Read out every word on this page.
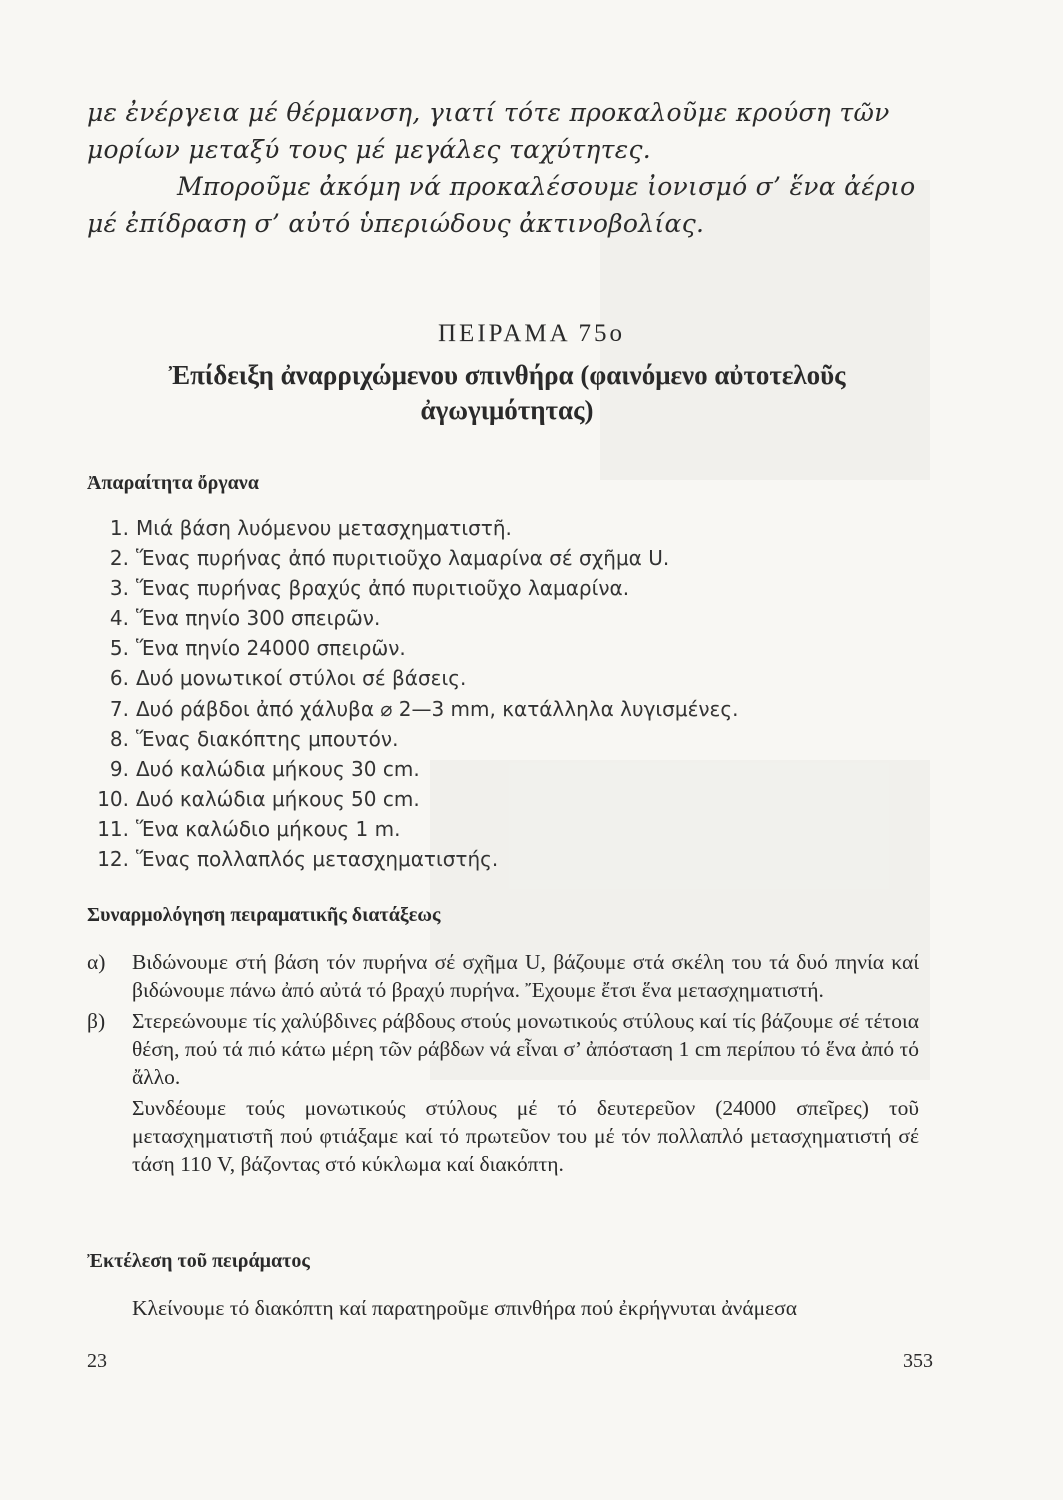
με ἐνέργεια μέ θέρμανση, γιατί τότε προκαλοῦμε κρούση τῶν μορίων μεταξύ τους μέ μεγάλες ταχύτητες.

Μποροῦμε ἀκόμη νά προκαλέσουμε ἰονισμό σ’ ἕνα ἀέριο μέ ἐπίδραση σ’ αὐτό ὑπεριώδους ἀκτινοβολίας.

ΠΕΙΡΑΜΑ 75ο
Ἐπίδειξη ἀναρριχώμενου σπινθήρα (φαινόμενο αὐτοτελοῦς ἀγωγιμότητας)
Ἀπαραίτητα ὄργανα
1. Μιά βάση λυόμενου μετασχηματιστῆ.
2. Ἕνας πυρήνας ἀπό πυριτιοῦχο λαμαρίνα σέ σχῆμα U.
3. Ἕνας πυρήνας βραχύς ἀπό πυριτιοῦχο λαμαρίνα.
4. Ἕνα πηνίο 300 σπειρῶν.
5. Ἕνα πηνίο 24000 σπειρῶν.
6. Δυό μονωτικοί στύλοι σέ βάσεις.
7. Δυό ράβδοι ἀπό χάλυβα ⌀ 2—3 mm, κατάλληλα λυγισμένες.
8. Ἕνας διακόπτης μπουτόν.
9. Δυό καλώδια μήκους 30 cm.
10. Δυό καλώδια μήκους 50 cm.
11. Ἕνα καλώδιο μήκους 1 m.
12. Ἕνας πολλαπλός μετασχηματιστής.
Συναρμολόγηση πειραματικῆς διατάξεως
α) Βιδώνουμε στή βάση τόν πυρήνα σέ σχῆμα U, βάζουμε στά σκέλη του τά δυό πηνία καί βιδώνουμε πάνω ἀπό αὐτά τό βραχύ πυρήνα. Ἔχουμε ἔτσι ἕνα μετασχηματιστή.
β) Στερεώνουμε τίς χαλύβδινες ράβδους στούς μονωτικούς στύλους καί τίς βάζουμε σέ τέτοια θέση, πού τά πιό κάτω μέρη τῶν ράβδων νά εἶναι σ’ ἀπόσταση 1 cm περίπου τό ἕνα ἀπό τό ἄλλο.
Συνδέουμε τούς μονωτικούς στύλους μέ τό δευτερεῦον (24000 σπεῖρες) τοῦ μετασχηματιστῆ πού φτιάξαμε καί τό πρωτεῦον του μέ τόν πολλαπλό μετασχηματιστή σέ τάση 110 V, βάζοντας στό κύκλωμα καί διακόπτη.
Ἐκτέλεση τοῦ πειράματος
Κλείνουμε τό διακόπτη καί παρατηροῦμε σπινθήρα πού ἐκρήγνυται ἀνάμεσα
23	353
